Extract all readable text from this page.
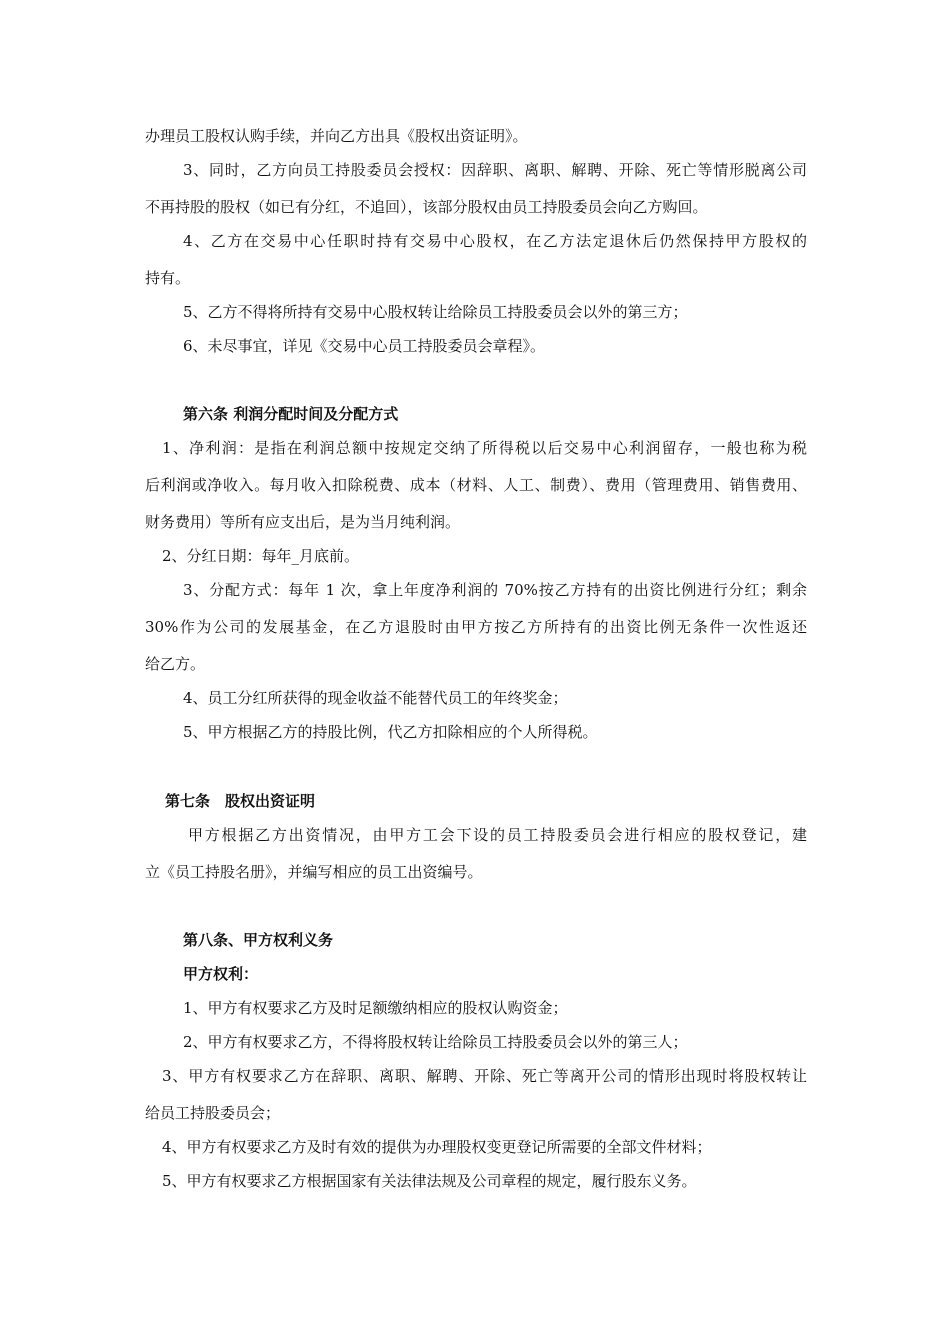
办理员工股权认购手续，并向乙方出具《股权出资证明》。
3、同时，乙方向员工持股委员会授权：因辞职、离职、解聘、开除、死亡等情形脱离公司
不再持股的股权（如已有分红，不追回），该部分股权由员工持股委员会向乙方购回。
4、乙方在交易中心任职时持有交易中心股权，在乙方法定退休后仍然保持甲方股权的
持有。
5、乙方不得将所持有交易中心股权转让给除员工持股委员会以外的第三方；
6、未尽事宜，详见《交易中心员工持股委员会章程》。
第六条 利润分配时间及分配方式
1、净利润：是指在利润总额中按规定交纳了所得税以后交易中心利润留存，一般也称为税
后利润或净收入。每月收入扣除税费、成本（材料、人工、制费）、费用（管理费用、销售费用、
财务费用）等所有应支出后，是为当月纯利润。
2、分红日期：每年_月底前。
3、分配方式：每年 1 次，拿上年度净利润的 70%按乙方持有的出资比例进行分红；剩余
30%作为公司的发展基金，在乙方退股时由甲方按乙方所持有的出资比例无条件一次性返还
给乙方。
4、员工分红所获得的现金收益不能替代员工的年终奖金；
5、甲方根据乙方的持股比例，代乙方扣除相应的个人所得税。
第七条　股权出资证明
甲方根据乙方出资情况，由甲方工会下设的员工持股委员会进行相应的股权登记，建
立《员工持股名册》，并编写相应的员工出资编号。
第八条、甲方权利义务
甲方权利：
1、甲方有权要求乙方及时足额缴纳相应的股权认购资金；
2、甲方有权要求乙方，不得将股权转让给除员工持股委员会以外的第三人；
3、甲方有权要求乙方在辞职、离职、解聘、开除、死亡等离开公司的情形出现时将股权转让
给员工持股委员会；
4、甲方有权要求乙方及时有效的提供为办理股权变更登记所需要的全部文件材料；
5、甲方有权要求乙方根据国家有关法律法规及公司章程的规定，履行股东义务。
